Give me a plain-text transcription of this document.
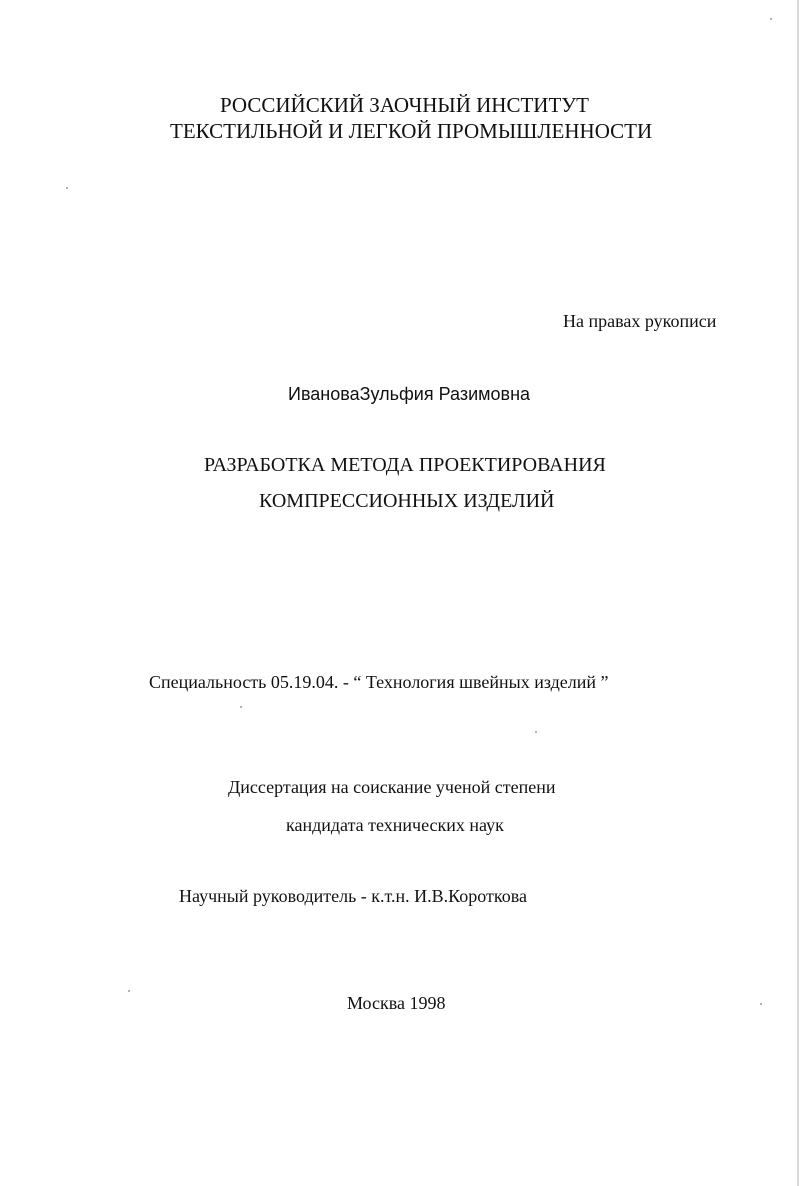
РОССИЙСКИЙ ЗАОЧНЫЙ ИНСТИТУТ
ТЕКСТИЛЬНОЙ И ЛЕГКОЙ ПРОМЫШЛЕННОСТИ
На правах рукописи
ИвановаЗульфия Разимовна
РАЗРАБОТКА МЕТОДА ПРОЕКТИРОВАНИЯ
КОМПРЕССИОННЫХ ИЗДЕЛИЙ
Специальность 05.19.04. - “ Технология швейных изделий ”
Диссертация на соискание ученой степени
кандидата технических наук
Научный руководитель - к.т.н. И.В.Короткова
Москва 1998
